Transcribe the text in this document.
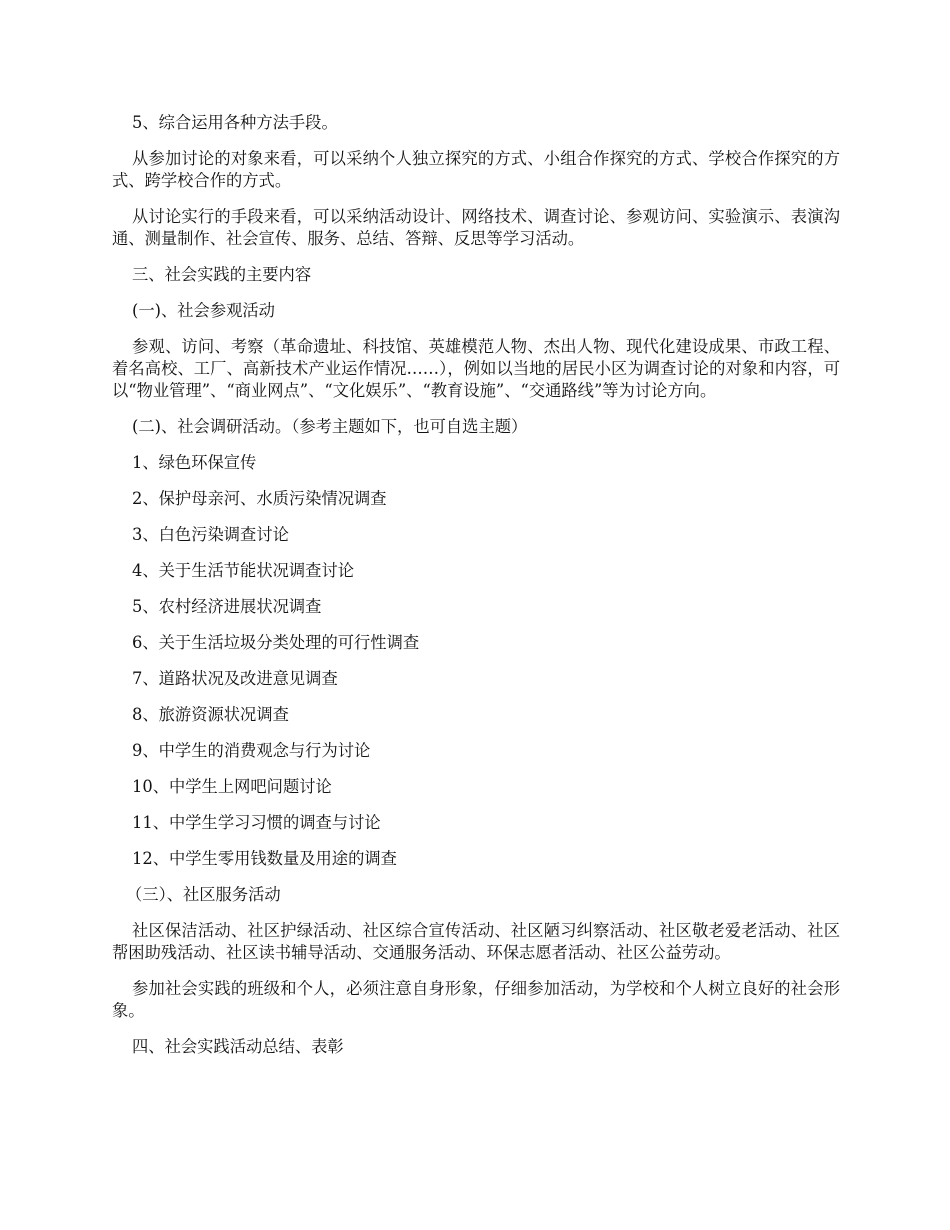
5、综合运用各种方法手段。

从参加讨论的对象来看，可以采纳个人独立探究的方式、小组合作探究的方式、学校合作探究的方式、跨学校合作的方式。

从讨论实行的手段来看，可以采纳活动设计、网络技术、调查讨论、参观访问、实验演示、表演沟通、测量制作、社会宣传、服务、总结、答辩、反思等学习活动。

三、社会实践的主要内容

(一)、社会参观活动

参观、访问、考察（革命遗址、科技馆、英雄模范人物、杰出人物、现代化建设成果、市政工程、着名高校、工厂、高新技术产业运作情况……），例如以当地的居民小区为调查讨论的对象和内容，可以“物业管理”、“商业网点”、“文化娱乐”、“教育设施”、“交通路线”等为讨论方向。

(二)、社会调研活动。（参考主题如下，也可自选主题）

1、绿色环保宣传

2、保护母亲河、水质污染情况调查

3、白色污染调查讨论

4、关于生活节能状况调查讨论

5、农村经济进展状况调查

6、关于生活垃圾分类处理的可行性调查

7、道路状况及改进意见调查

8、旅游资源状况调查

9、中学生的消费观念与行为讨论

10、中学生上网吧问题讨论

11、中学生学习习惯的调查与讨论

12、中学生零用钱数量及用途的调查

（三）、社区服务活动

社区保洁活动、社区护绿活动、社区综合宣传活动、社区陋习纠察活动、社区敬老爱老活动、社区帮困助残活动、社区读书辅导活动、交通服务活动、环保志愿者活动、社区公益劳动。

参加社会实践的班级和个人，必须注意自身形象，仔细参加活动，为学校和个人树立良好的社会形象。

四、社会实践活动总结、表彰
